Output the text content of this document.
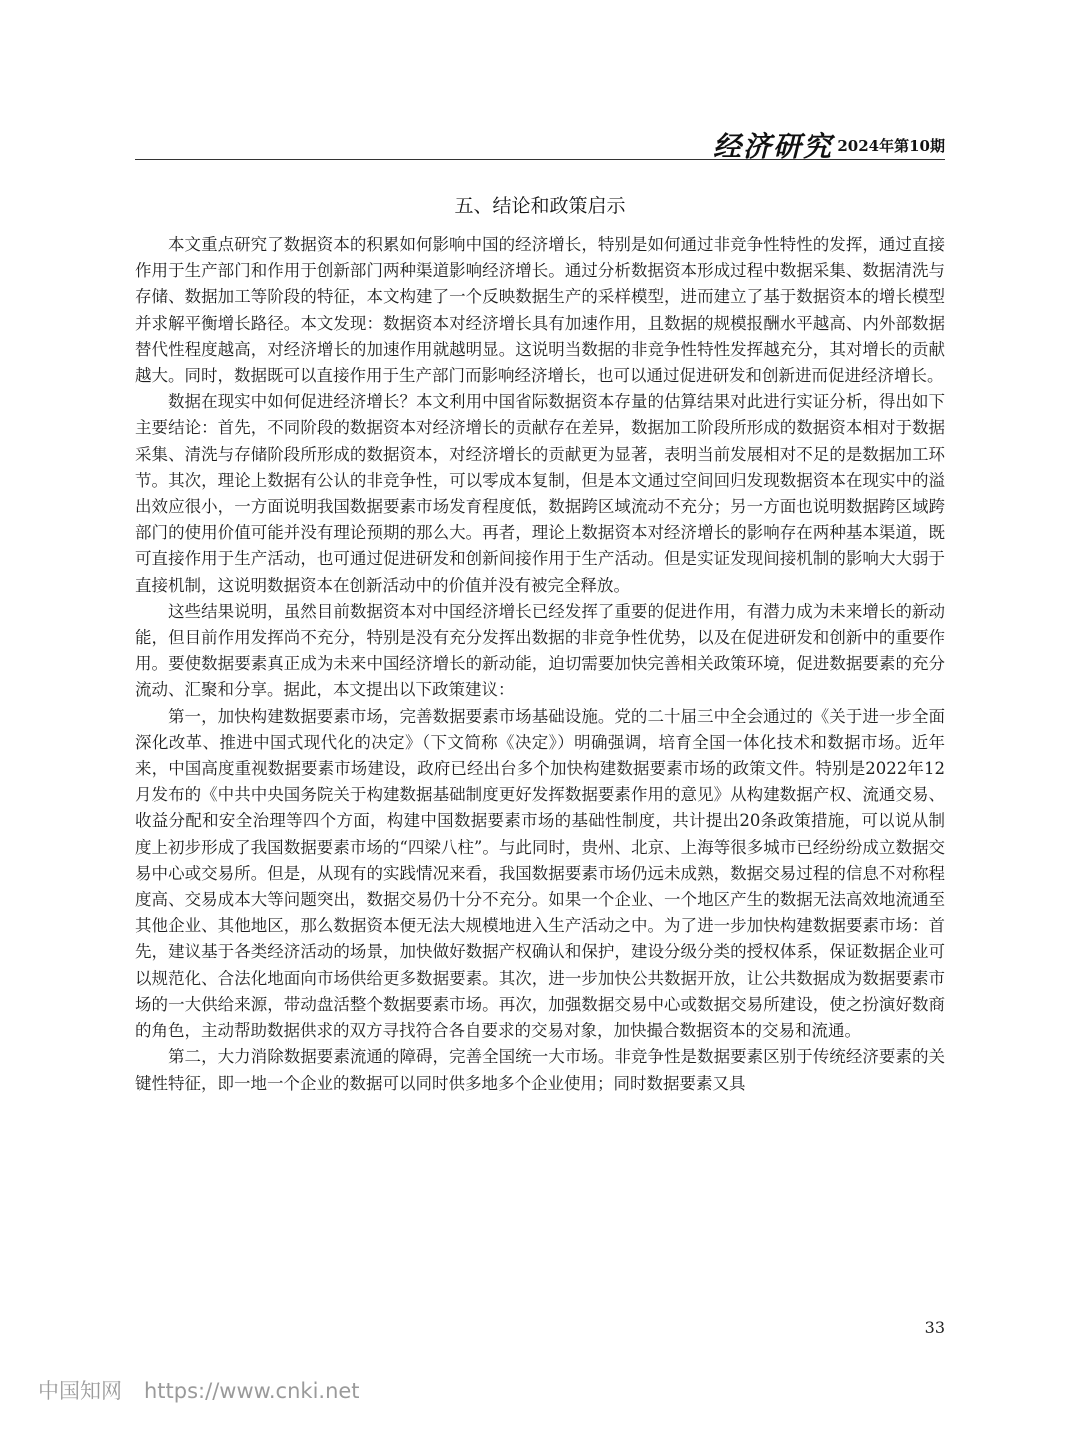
经济研究 2024年第10期
五、结论和政策启示

本文重点研究了数据资本的积累如何影响中国的经济增长，特别是如何通过非竞争性特性的发挥，通过直接作用于生产部门和作用于创新部门两种渠道影响经济增长。通过分析数据资本形成过程中数据采集、数据清洗与存储、数据加工等阶段的特征，本文构建了一个反映数据生产的采样模型，进而建立了基于数据资本的增长模型并求解平衡增长路径。本文发现：数据资本对经济增长具有加速作用，且数据的规模报酬水平越高、内外部数据替代性程度越高，对经济增长的加速作用就越明显。这说明当数据的非竞争性特性发挥越充分，其对增长的贡献越大。同时，数据既可以直接作用于生产部门而影响经济增长，也可以通过促进研发和创新进而促进经济增长。

数据在现实中如何促进经济增长？本文利用中国省际数据资本存量的估算结果对此进行实证分析，得出如下主要结论：首先，不同阶段的数据资本对经济增长的贡献存在差异，数据加工阶段所形成的数据资本相对于数据采集、清洗与存储阶段所形成的数据资本，对经济增长的贡献更为显著，表明当前发展相对不足的是数据加工环节。其次，理论上数据有公认的非竞争性，可以零成本复制，但是本文通过空间回归发现数据资本在现实中的溢出效应很小，一方面说明我国数据要素市场发育程度低，数据跨区域流动不充分；另一方面也说明数据跨区域跨部门的使用价值可能并没有理论预期的那么大。再者，理论上数据资本对经济增长的影响存在两种基本渠道，既可直接作用于生产活动，也可通过促进研发和创新间接作用于生产活动。但是实证发现间接机制的影响大大弱于直接机制，这说明数据资本在创新活动中的价值并没有被完全释放。

这些结果说明，虽然目前数据资本对中国经济增长已经发挥了重要的促进作用，有潜力成为未来增长的新动能，但目前作用发挥尚不充分，特别是没有充分发挥出数据的非竞争性优势，以及在促进研发和创新中的重要作用。要使数据要素真正成为未来中国经济增长的新动能，迫切需要加快完善相关政策环境，促进数据要素的充分流动、汇聚和分享。据此，本文提出以下政策建议：

第一，加快构建数据要素市场，完善数据要素市场基础设施。党的二十届三中全会通过的《关于进一步全面深化改革、推进中国式现代化的决定》（下文简称《决定》）明确强调，培育全国一体化技术和数据市场。近年来，中国高度重视数据要素市场建设，政府已经出台多个加快构建数据要素市场的政策文件。特别是2022年12月发布的《中共中央国务院关于构建数据基础制度更好发挥数据要素作用的意见》从构建数据产权、流通交易、收益分配和安全治理等四个方面，构建中国数据要素市场的基础性制度，共计提出20条政策措施，可以说从制度上初步形成了我国数据要素市场的“四梁八柱”。与此同时，贵州、北京、上海等很多城市已经纷纷成立数据交易中心或交易所。但是，从现有的实践情况来看，我国数据要素市场仍远未成熟，数据交易过程的信息不对称程度高、交易成本大等问题突出，数据交易仍十分不充分。如果一个企业、一个地区产生的数据无法高效地流通至其他企业、其他地区，那么数据资本便无法大规模地进入生产活动之中。为了进一步加快构建数据要素市场：首先，建议基于各类经济活动的场景，加快做好数据产权确认和保护，建设分级分类的授权体系，保证数据企业可以规范化、合法化地面向市场供给更多数据要素。其次，进一步加快公共数据开放，让公共数据成为数据要素市场的一大供给来源，带动盘活整个数据要素市场。再次，加强数据交易中心或数据交易所建设，使之扮演好数商的角色，主动帮助数据供求的双方寻找符合各自要求的交易对象，加快撮合数据资本的交易和流通。

第二，大力消除数据要素流通的障碍，完善全国统一大市场。非竞争性是数据要素区别于传统经济要素的关键性特征，即一地一个企业的数据可以同时供多地多个企业使用；同时数据要素又具

33
中国知网 https://www.cnki.net
